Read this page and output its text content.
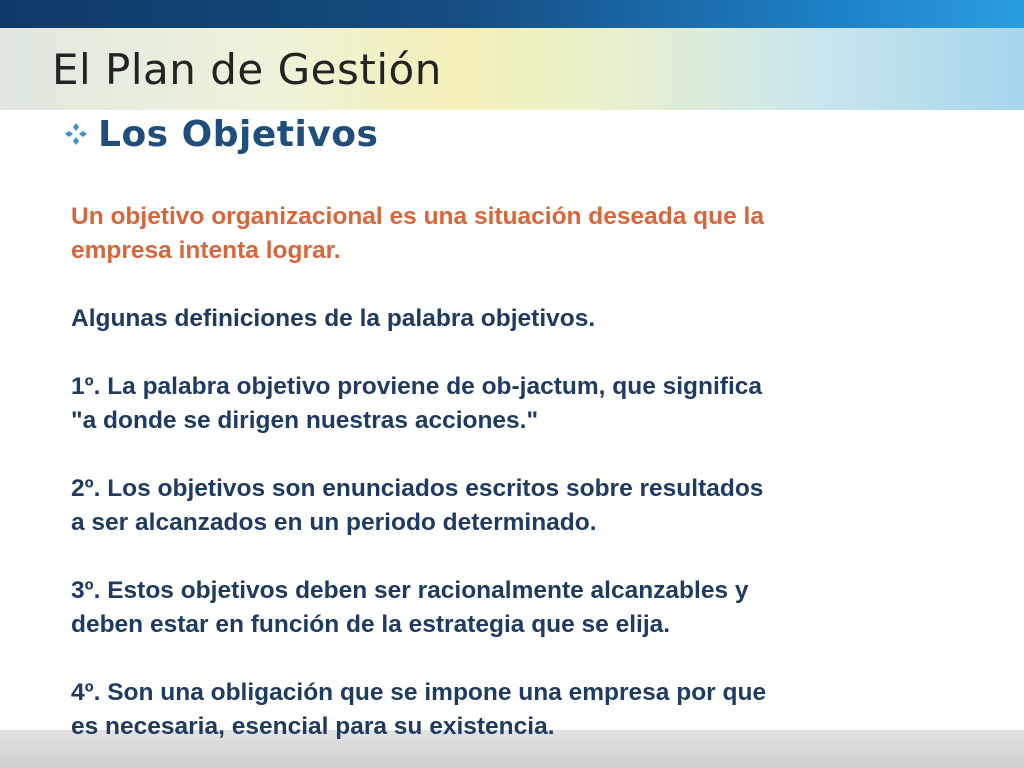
El Plan de Gestión
Los Objetivos

Un objetivo organizacional es una situación deseada que la
empresa intenta lograr.

Algunas definiciones de la palabra objetivos.

1º. La palabra objetivo proviene de ob-jactum, que significa
"a donde se dirigen nuestras acciones."

2º. Los objetivos son enunciados escritos sobre resultados
a ser alcanzados en un periodo determinado.

3º. Estos objetivos deben ser racionalmente alcanzables y
deben estar en función de la estrategia que se elija.

4º. Son una obligación que se impone una empresa por que
es necesaria, esencial para su existencia.
